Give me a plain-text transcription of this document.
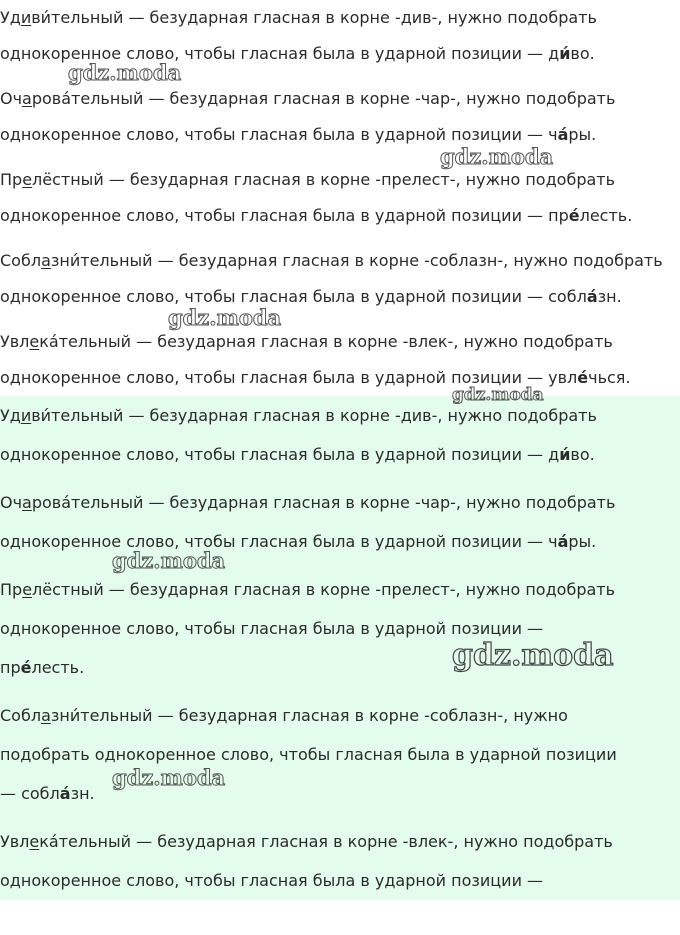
Удиви́тельный — безударная гласная в корне -див-, нужно подобрать
однокоренное слово, чтобы гласная была в ударной позиции — ди́во.
Очарова́тельный — безударная гласная в корне -чар-, нужно подобрать
однокоренное слово, чтобы гласная была в ударной позиции — ча́ры.
Прелёстный — безударная гласная в корне -прелест-, нужно подобрать
однокоренное слово, чтобы гласная была в ударной позиции — пре́лесть.
Соблазни́тельный — безударная гласная в корне -соблазн-, нужно подобрать
однокоренное слово, чтобы гласная была в ударной позиции — собла́зн.
Увлека́тельный — безударная гласная в корне -влек-, нужно подобрать
однокоренное слово, чтобы гласная была в ударной позиции — увле́чься.
Удиви́тельный — безударная гласная в корне -див-, нужно подобрать
однокоренное слово, чтобы гласная была в ударной позиции — ди́во.
Очарова́тельный — безударная гласная в корне -чар-, нужно подобрать
однокоренное слово, чтобы гласная была в ударной позиции — ча́ры.
Прелёстный — безударная гласная в корне -прелест-, нужно подобрать
однокоренное слово, чтобы гласная была в ударной позиции —
пре́лесть.
Соблазни́тельный — безударная гласная в корне -соблазн-, нужно
подобрать однокоренное слово, чтобы гласная была в ударной позиции
— собла́зн.
Увлека́тельный — безударная гласная в корне -влек-, нужно подобрать
однокоренное слово, чтобы гласная была в ударной позиции —
gdz.moda
gdz.moda
gdz.moda
gdz.moda
gdz.moda
gdz.moda
gdz.moda
